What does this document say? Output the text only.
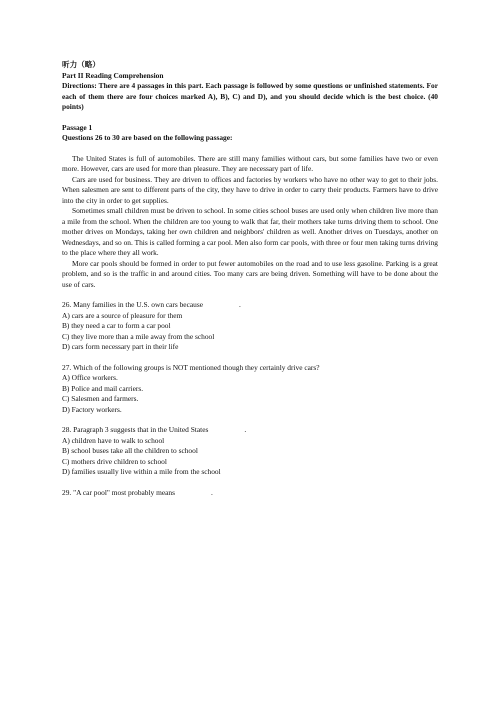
听力（略）
Part II Reading Comprehension
Directions: There are 4 passages in this part. Each passage is followed by some questions or unfinished statements. For each of them there are four choices marked A), B), C) and D), and you should decide which is the best choice. (40 points)
Passage 1
Questions 26 to 30 are based on the following passage:
The United States is full of automobiles. There are still many families without cars, but some families have two or even more. However, cars are used for more than pleasure. They are necessary part of life.
Cars are used for business. They are driven to offices and factories by workers who have no other way to get to their jobs. When salesmen are sent to different parts of the city, they have to drive in order to carry their products. Farmers have to drive into the city in order to get supplies.
Sometimes small children must be driven to school. In some cities school buses are used only when children live more than a mile from the school. When the children are too young to walk that far, their mothers take turns driving them to school. One mother drives on Mondays, taking her own children and neighbors' children as well. Another drives on Tuesdays, another on Wednesdays, and so on. This is called forming a car pool. Men also form car pools, with three or four men taking turns driving to the place where they all work.
More car pools should be formed in order to put fewer automobiles on the road and to use less gasoline. Parking is a great problem, and so is the traffic in and around cities. Too many cars are being driven. Something will have to be done about the use of cars.
26. Many families in the U.S. own cars because	.
A) cars are a source of pleasure for them
B) they need a car to form a car pool
C) they live more than a mile away from the school
D) cars form necessary part in their life
27. Which of the following groups is NOT mentioned though they certainly drive cars?
A) Office workers.
B) Police and mail carriers.
C) Salesmen and farmers.
D) Factory workers.
28. Paragraph 3 suggests that in the United States	.
A) children have to walk to school
B) school buses take all the children to school
C) mothers drive children to school
D) families usually live within a mile from the school
29. "A car pool" most probably means	.
